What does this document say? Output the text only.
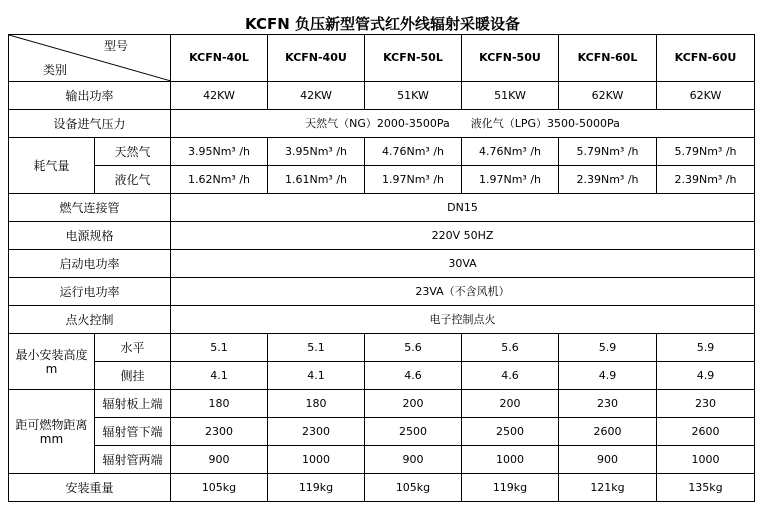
KCFN 负压新型管式红外线辐射采暖设备
型号
类别		KCFN-40L	KCFN-40U	KCFN-50L	KCFN-50U	KCFN-60L	KCFN-60U
输出功率		42KW	42KW	51KW	51KW	62KW	62KW
设备进气压力		天然气（NG）2000-3500Pa      液化气（LPG）3500-5000Pa					
耗气量	天然气	3.95Nm³ /h	3.95Nm³ /h	4.76Nm³ /h	4.76Nm³ /h	5.79Nm³ /h	5.79Nm³ /h
	液化气	1.62Nm³ /h	1.61Nm³ /h	1.97Nm³ /h	1.97Nm³ /h	2.39Nm³ /h	2.39Nm³ /h
燃气连接管		DN15					
电源规格		220V 50HZ					
启动电功率		30VA					
运行电功率		23VA（不含风机）					
点火控制		电子控制点火					
最小安装高度 m	水平	5.1	5.1	5.6	5.6	5.9	5.9
	侧挂	4.1	4.1	4.6	4.6	4.9	4.9
距可燃物距离 mm	辐射板上端	180	180	200	200	230	230
	辐射管下端	2300	2300	2500	2500	2600	2600
	辐射管两端	900	1000	900	1000	900	1000
安装重量		105kg	119kg	105kg	119kg	121kg	135kg
